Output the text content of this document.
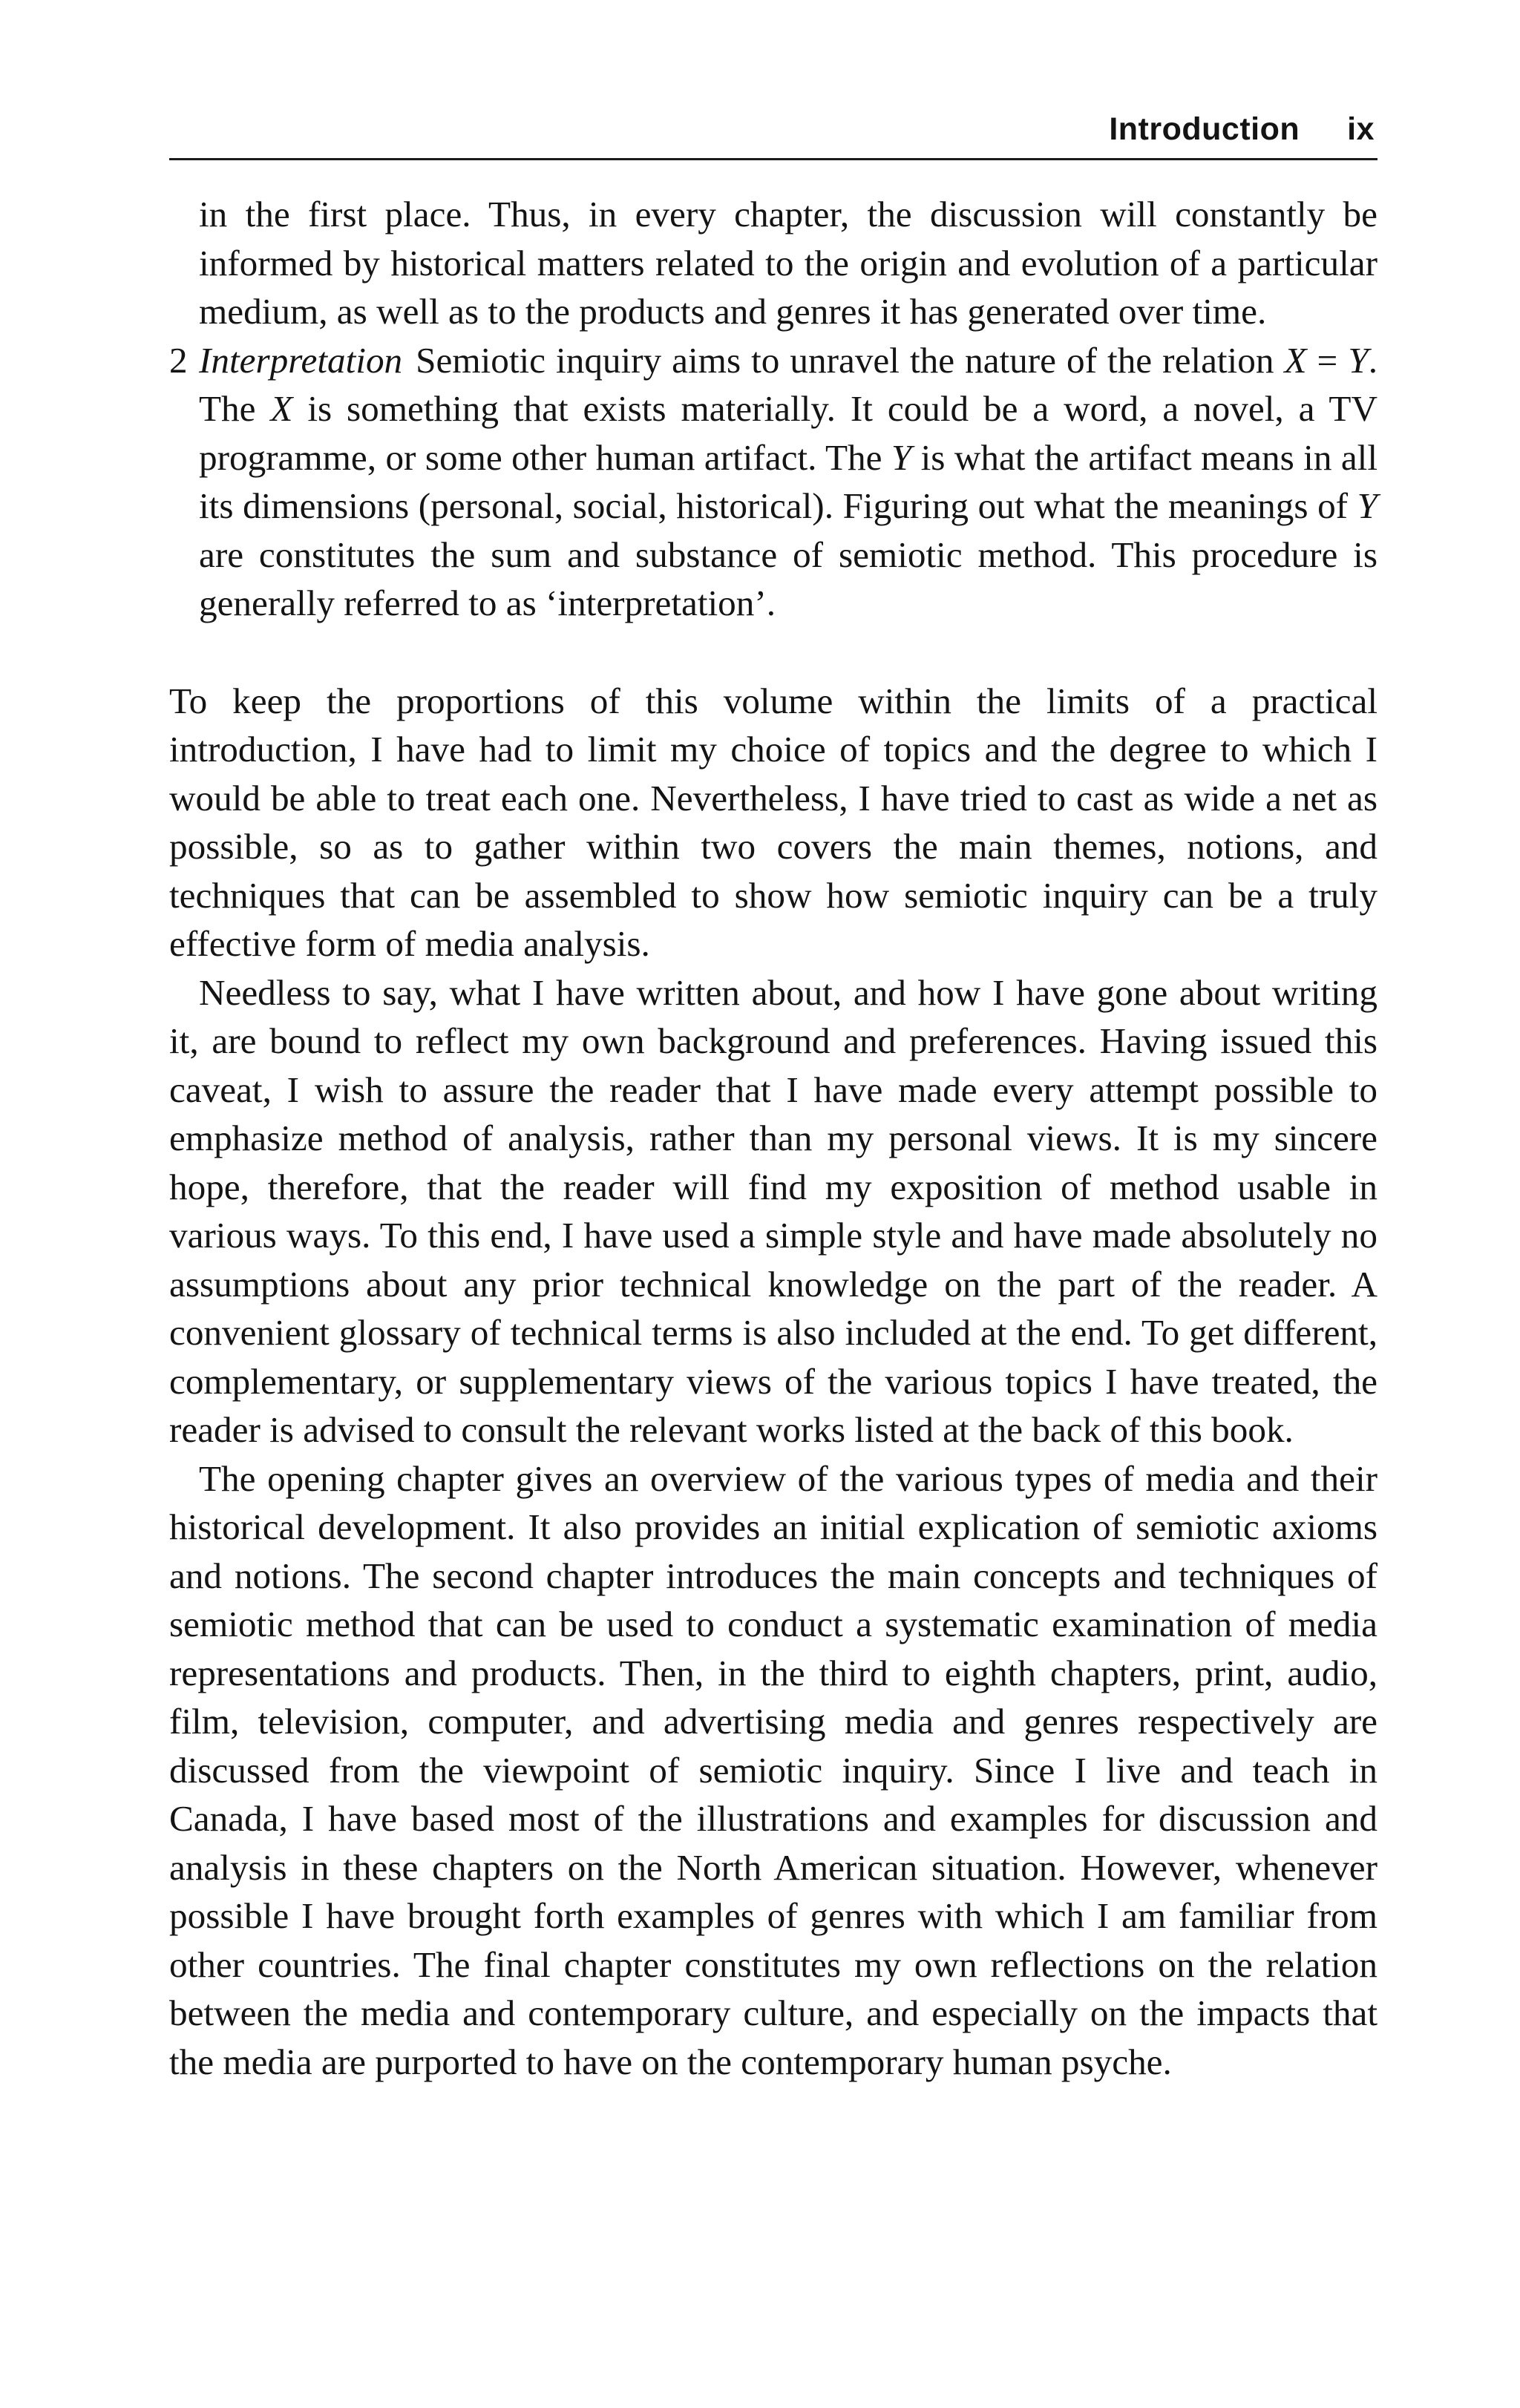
Introduction ix

in the first place. Thus, in every chapter, the discussion will constantly be informed by historical matters related to the origin and evolution of a particular medium, as well as to the products and genres it has generated over time.

2 Interpretation Semiotic inquiry aims to unravel the nature of the relation X = Y. The X is something that exists materially. It could be a word, a novel, a TV programme, or some other human artifact. The Y is what the artifact means in all its dimensions (personal, social, historical). Figuring out what the meanings of Y are constitutes the sum and substance of semiotic method. This procedure is generally referred to as ‘interpretation’.

To keep the proportions of this volume within the limits of a practical introduction, I have had to limit my choice of topics and the degree to which I would be able to treat each one. Nevertheless, I have tried to cast as wide a net as possible, so as to gather within two covers the main themes, notions, and techniques that can be assembled to show how semiotic inquiry can be a truly effective form of media analysis.

Needless to say, what I have written about, and how I have gone about writing it, are bound to reflect my own background and preferences. Having issued this caveat, I wish to assure the reader that I have made every attempt possible to emphasize method of analysis, rather than my personal views. It is my sincere hope, therefore, that the reader will find my exposition of method usable in various ways. To this end, I have used a simple style and have made absolutely no assumptions about any prior technical knowledge on the part of the reader. A convenient glossary of technical terms is also included at the end. To get different, complementary, or supplementary views of the various topics I have treated, the reader is advised to consult the relevant works listed at the back of this book.

The opening chapter gives an overview of the various types of media and their historical development. It also provides an initial explication of semiotic axioms and notions. The second chapter introduces the main concepts and techniques of semiotic method that can be used to conduct a systematic examination of media representations and products. Then, in the third to eighth chapters, print, audio, film, television, computer, and advertising media and genres respectively are discussed from the viewpoint of semiotic inquiry. Since I live and teach in Canada, I have based most of the illustrations and examples for discussion and analysis in these chapters on the North American situation. However, whenever possible I have brought forth examples of genres with which I am familiar from other countries. The final chapter constitutes my own reflections on the relation between the media and contemporary culture, and especially on the impacts that the media are purported to have on the contemporary human psyche.
